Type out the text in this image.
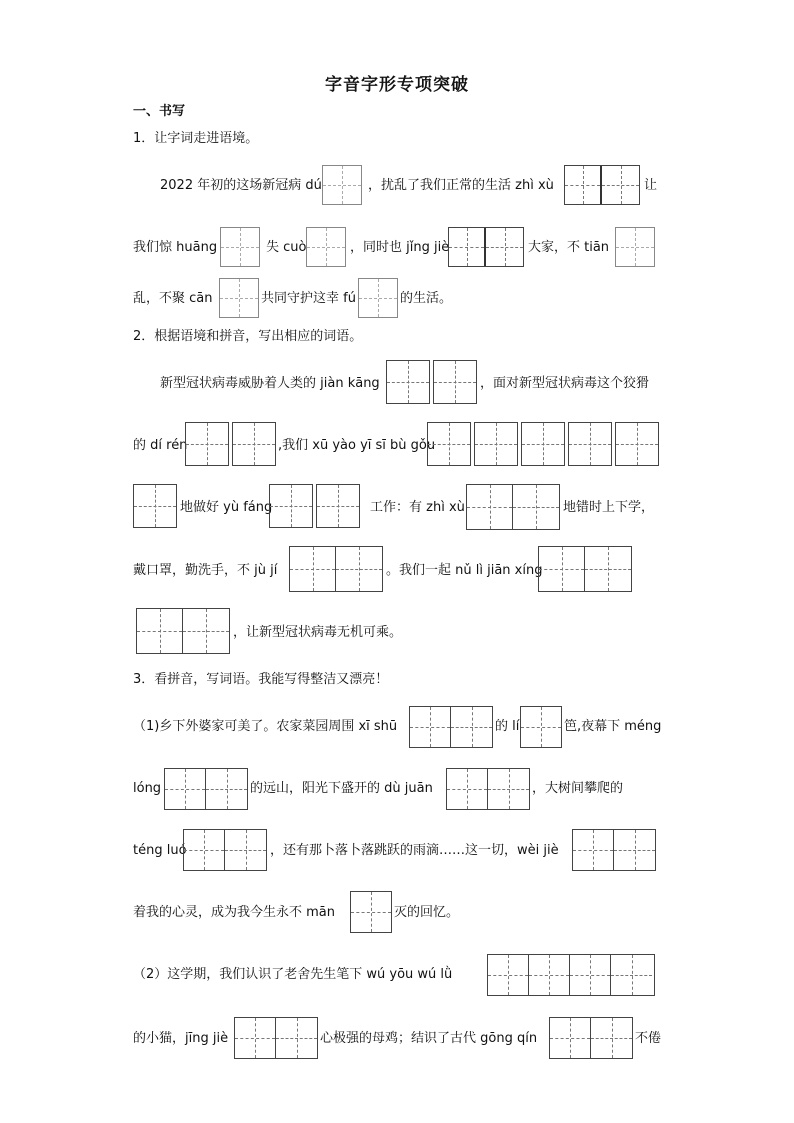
字音字形专项突破
一、书写
1．让字词走进语境。
2022 年初的这场新冠病 dú	，扰乱了我们正常的生活 zhì xù	让
我们惊 huāng	失 cuò	，同时也 jǐng jiè	大家，不 tiān
乱，不聚 cān	共同守护这幸 fú	的生活。
2．根据语境和拼音，写出相应的词语。
新型冠状病毒威胁着人类的 jiàn kāng	，面对新型冠状病毒这个狡猾
的 dí rén	,我们 xū yào yī sī bù gǒu
地做好 yù fáng	工作：有 zhì xù	地错时上下学，
戴口罩，勤洗手，不 jù jí	。我们一起 nǔ lì jiān xíng
，让新型冠状病毒无机可乘。
3．看拼音，写词语。我能写得整洁又漂亮！
（1)乡下外婆家可美了。农家菜园周围 xī shū	的 lí	笆,夜幕下 méng
lóng	的远山，阳光下盛开的 dù juān	，大树间攀爬的
téng luó	，还有那卜落卜落跳跃的雨滴……这一切，wèi jiè
着我的心灵，成为我今生永不 mān	灭的回忆。
（2）这学期，我们认识了老舍先生笔下 wú yōu wú lǜ
的小猫，jīng jiè	心极强的母鸡；结识了古代 gōng qín	不倦
